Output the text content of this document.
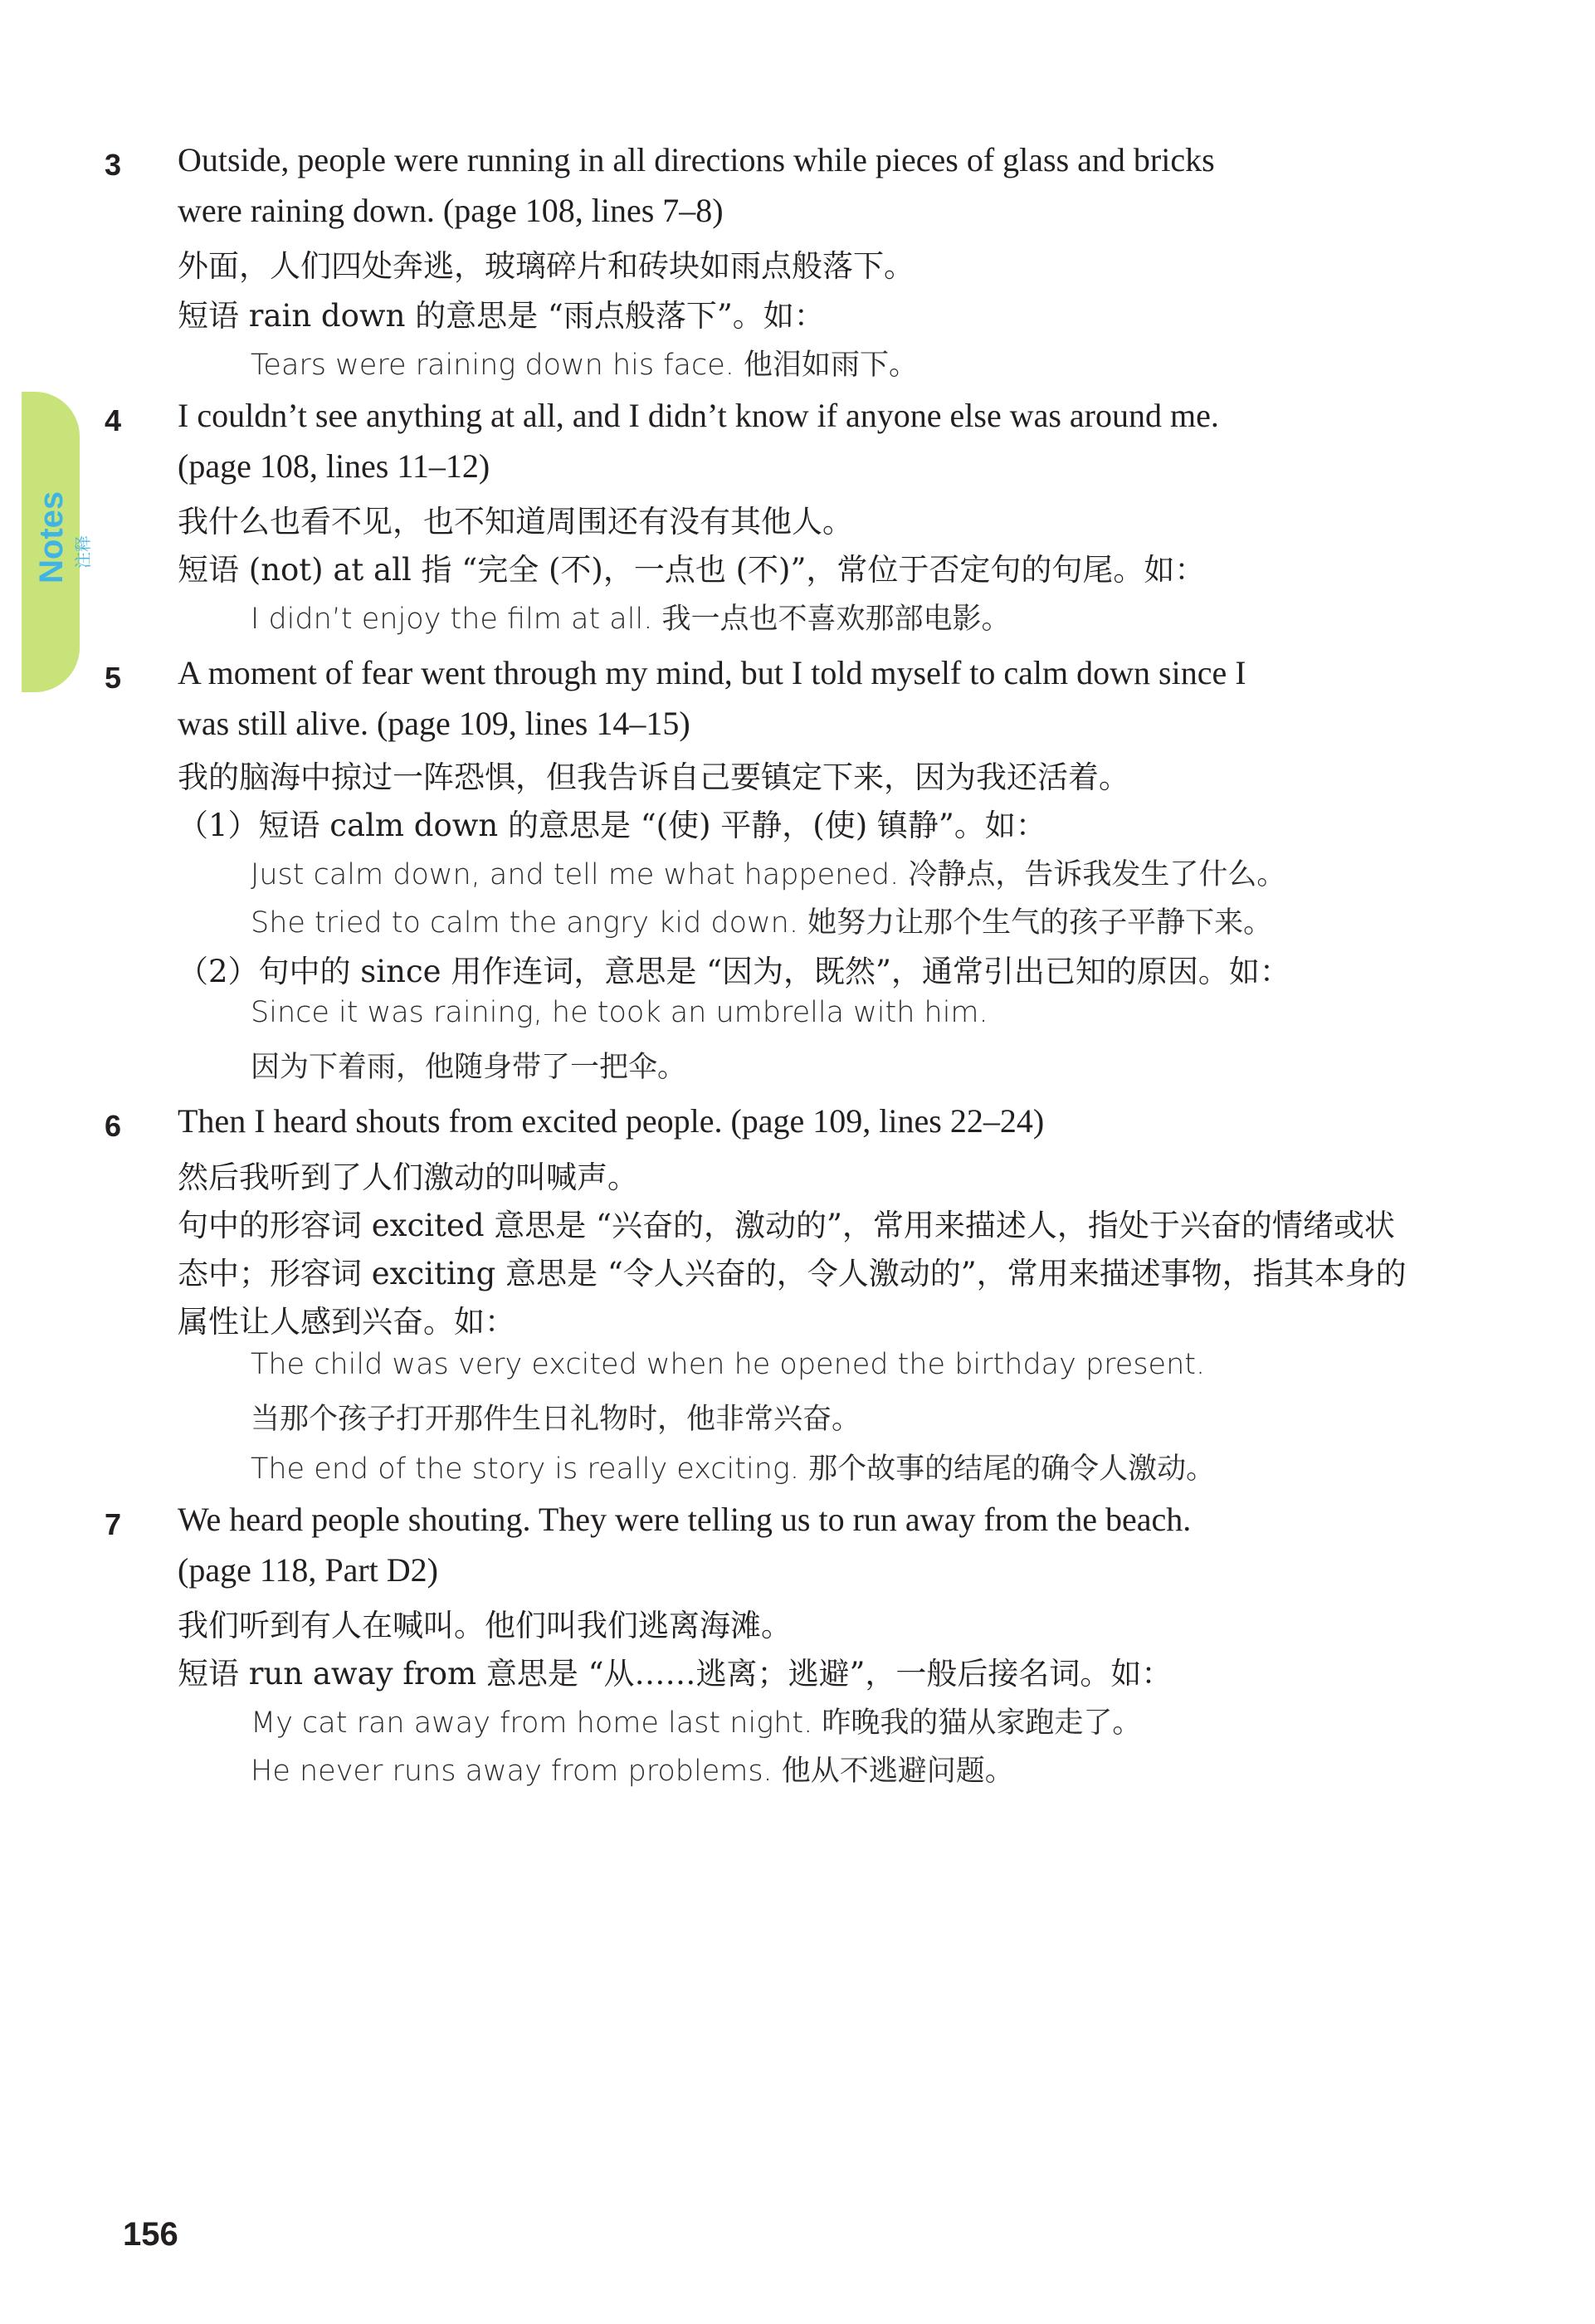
Notes 注释
3 Outside, people were running in all directions while pieces of glass and bricks
were raining down. (page 108, lines 7–8)
外面，人们四处奔逃，玻璃碎片和砖块如雨点般落下。
短语 rain down 的意思是 “雨点般落下”。如：
Tears were raining down his face. 他泪如雨下。
4 I couldn’t see anything at all, and I didn’t know if anyone else was around me.
(page 108, lines 11–12)
我什么也看不见，也不知道周围还有没有其他人。
短语 (not) at all 指 “完全 (不)，一点也 (不)”，常位于否定句的句尾。如：
I didn’t enjoy the film at all. 我一点也不喜欢那部电影。
5 A moment of fear went through my mind, but I told myself to calm down since I
was still alive. (page 109, lines 14–15)
我的脑海中掠过一阵恐惧，但我告诉自己要镇定下来，因为我还活着。
（1）短语 calm down 的意思是 “(使) 平静，(使) 镇静”。如：
Just calm down, and tell me what happened. 冷静点，告诉我发生了什么。
She tried to calm the angry kid down. 她努力让那个生气的孩子平静下来。
（2）句中的 since 用作连词，意思是 “因为，既然”，通常引出已知的原因。如：
Since it was raining, he took an umbrella with him.
因为下着雨，他随身带了一把伞。
6 Then I heard shouts from excited people. (page 109, lines 22–24)
然后我听到了人们激动的叫喊声。
句中的形容词 excited 意思是 “兴奋的，激动的”，常用来描述人，指处于兴奋的情绪或状
态中；形容词 exciting 意思是 “令人兴奋的，令人激动的”，常用来描述事物，指其本身的
属性让人感到兴奋。如：
The child was very excited when he opened the birthday present.
当那个孩子打开那件生日礼物时，他非常兴奋。
The end of the story is really exciting. 那个故事的结尾的确令人激动。
7 We heard people shouting. They were telling us to run away from the beach.
(page 118, Part D2)
我们听到有人在喊叫。他们叫我们逃离海滩。
短语 run away from 意思是 “从……逃离；逃避”，一般后接名词。如：
My cat ran away from home last night. 昨晚我的猫从家跑走了。
He never runs away from problems. 他从不逃避问题。
156
